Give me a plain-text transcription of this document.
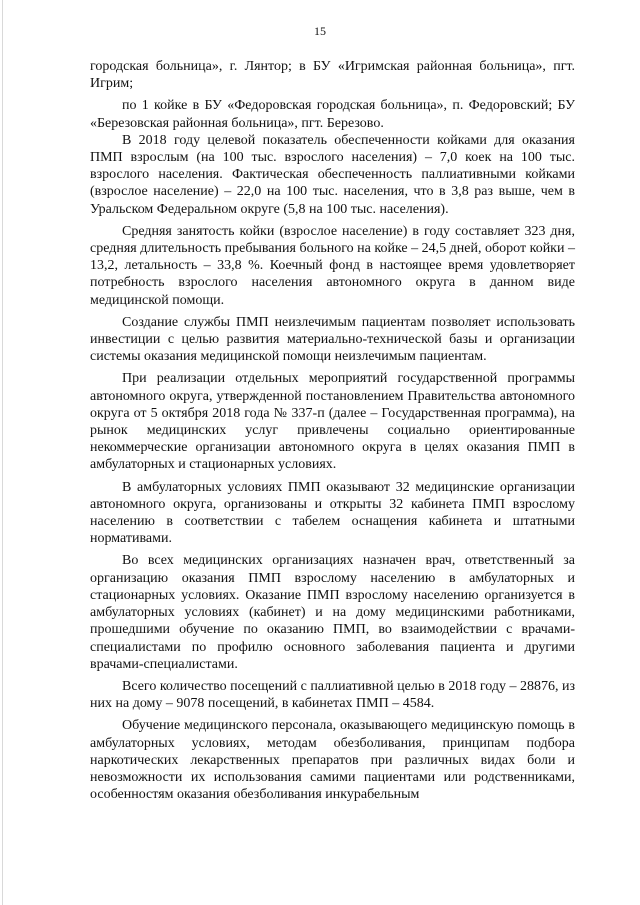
15

городская больница», г. Лянтор; в БУ «Игримская районная больница», пгт. Игрим;

по 1 койке в БУ «Федоровская городская больница», п. Федоровский; БУ «Березовская районная больница», пгт. Березово.

В 2018 году целевой показатель обеспеченности койками для оказания ПМП взрослым (на 100 тыс. взрослого населения) – 7,0 коек на 100 тыс. взрослого населения. Фактическая обеспеченность паллиативными койками (взрослое население) – 22,0 на 100 тыс. населения, что в 3,8 раз выше, чем в Уральском Федеральном округе (5,8 на 100 тыс. населения).

Средняя занятость койки (взрослое население) в году составляет 323 дня, средняя длительность пребывания больного на койке – 24,5 дней, оборот койки – 13,2, летальность – 33,8 %. Коечный фонд в настоящее время удовлетворяет потребность взрослого населения автономного округа в данном виде медицинской помощи.

Создание службы ПМП неизлечимым пациентам позволяет использовать инвестиции с целью развития материально-технической базы и организации системы оказания медицинской помощи неизлечимым пациентам.

При реализации отдельных мероприятий государственной программы автономного округа, утвержденной постановлением Правительства автономного округа от 5 октября 2018 года № 337-п (далее – Государственная программа), на рынок медицинских услуг привлечены социально ориентированные некоммерческие организации автономного округа в целях оказания ПМП в амбулаторных и стационарных условиях.

В амбулаторных условиях ПМП оказывают 32 медицинские организации автономного округа, организованы и открыты 32 кабинета ПМП взрослому населению в соответствии с табелем оснащения кабинета и штатными нормативами.

Во всех медицинских организациях назначен врач, ответственный за организацию оказания ПМП взрослому населению в амбулаторных и стационарных условиях. Оказание ПМП взрослому населению организуется в амбулаторных условиях (кабинет) и на дому медицинскими работниками, прошедшими обучение по оказанию ПМП, во взаимодействии с врачами-специалистами по профилю основного заболевания пациента и другими врачами-специалистами.

Всего количество посещений с паллиативной целью в 2018 году – 28876, из них на дому – 9078 посещений, в кабинетах ПМП – 4584.

Обучение медицинского персонала, оказывающего медицинскую помощь в амбулаторных условиях, методам обезболивания, принципам подбора наркотических лекарственных препаратов при различных видах боли и невозможности их использования самими пациентами или родственниками, особенностям оказания обезболивания инкурабельным
